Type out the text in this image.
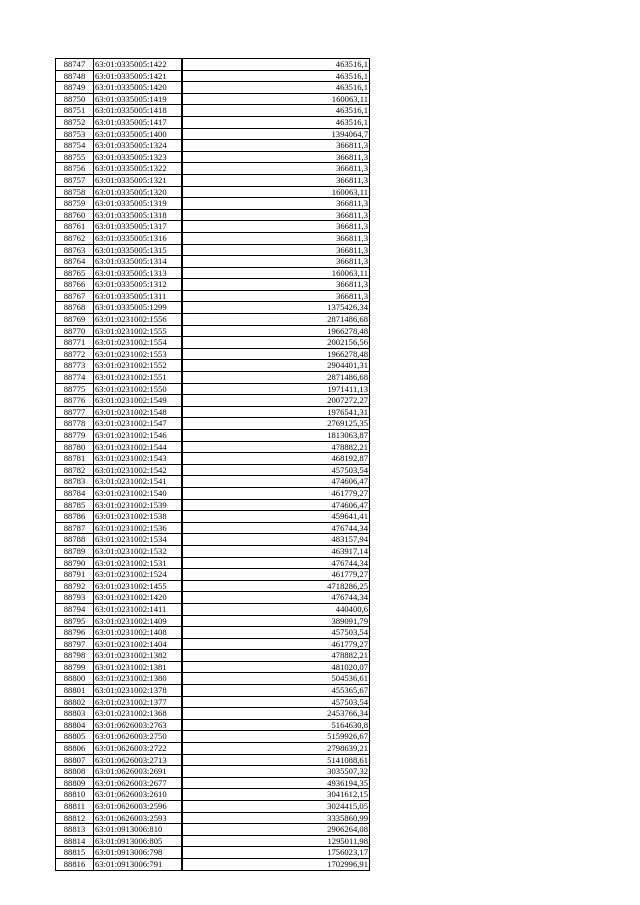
88747	63:01:0335005:1422	463516,1
88748	63:01:0335005:1421	463516,1
88749	63:01:0335005:1420	463516,1
88750	63:01:0335005:1419	160063,11
88751	63:01:0335005:1418	463516,1
88752	63:01:0335005:1417	463516,1
88753	63:01:0335005:1400	1394064,7
88754	63:01:0335005:1324	366811,3
88755	63:01:0335005:1323	366811,3
88756	63:01:0335005:1322	366811,3
88757	63:01:0335005:1321	366811,3
88758	63:01:0335005:1320	160063,11
88759	63:01:0335005:1319	366811,3
88760	63:01:0335005:1318	366811,3
88761	63:01:0335005:1317	366811,3
88762	63:01:0335005:1316	366811,3
88763	63:01:0335005:1315	366811,3
88764	63:01:0335005:1314	366811,3
88765	63:01:0335005:1313	160063,11
88766	63:01:0335005:1312	366811,3
88767	63:01:0335005:1311	366811,3
88768	63:01:0335005:1299	1375426,34
88769	63:01:0231002:1556	2871486,68
88770	63:01:0231002:1555	1966278,48
88771	63:01:0231002:1554	2002156,56
88772	63:01:0231002:1553	1966278,48
88773	63:01:0231002:1552	2904401,31
88774	63:01:0231002:1551	2871486,68
88775	63:01:0231002:1550	1971411,13
88776	63:01:0231002:1549	2007272,27
88777	63:01:0231002:1548	1976541,31
88778	63:01:0231002:1547	2769125,35
88779	63:01:0231002:1546	1813063,87
88780	63:01:0231002:1544	478882,21
88781	63:01:0231002:1543	468192,87
88782	63:01:0231002:1542	457503,54
88783	63:01:0231002:1541	474606,47
88784	63:01:0231002:1540	461779,27
88785	63:01:0231002:1539	474606,47
88786	63:01:0231002:1538	459641,41
88787	63:01:0231002:1536	476744,34
88788	63:01:0231002:1534	483157,94
88789	63:01:0231002:1532	463917,14
88790	63:01:0231002:1531	476744,34
88791	63:01:0231002:1524	461779,27
88792	63:01:0231002:1455	4718286,25
88793	63:01:0231002:1420	476744,34
88794	63:01:0231002:1411	440400,6
88795	63:01:0231002:1409	389091,79
88796	63:01:0231002:1408	457503,54
88797	63:01:0231002:1404	461779,27
88798	63:01:0231002:1382	478882,21
88799	63:01:0231002:1381	481020,07
88800	63:01:0231002:1380	504536,61
88801	63:01:0231002:1378	455365,67
88802	63:01:0231002:1377	457503,54
88803	63:01:0231002:1368	2453766,34
88804	63:01:0626003:2763	5164630,8
88805	63:01:0626003:2750	5159926,67
88806	63:01:0626003:2722	2798639,21
88807	63:01:0626003:2713	5141088,61
88808	63:01:0626003:2691	3035507,32
88809	63:01:0626003:2677	4936194,35
88810	63:01:0626003:2610	3041612,15
88811	63:01:0626003:2596	3024415,05
88812	63:01:0626003:2593	3335860,99
88813	63:01:0913006:810	2906264,08
88814	63:01:0913006:805	1295011,98
88815	63:01:0913006:798	1756023,17
88816	63:01:0913006:791	1702996,91
